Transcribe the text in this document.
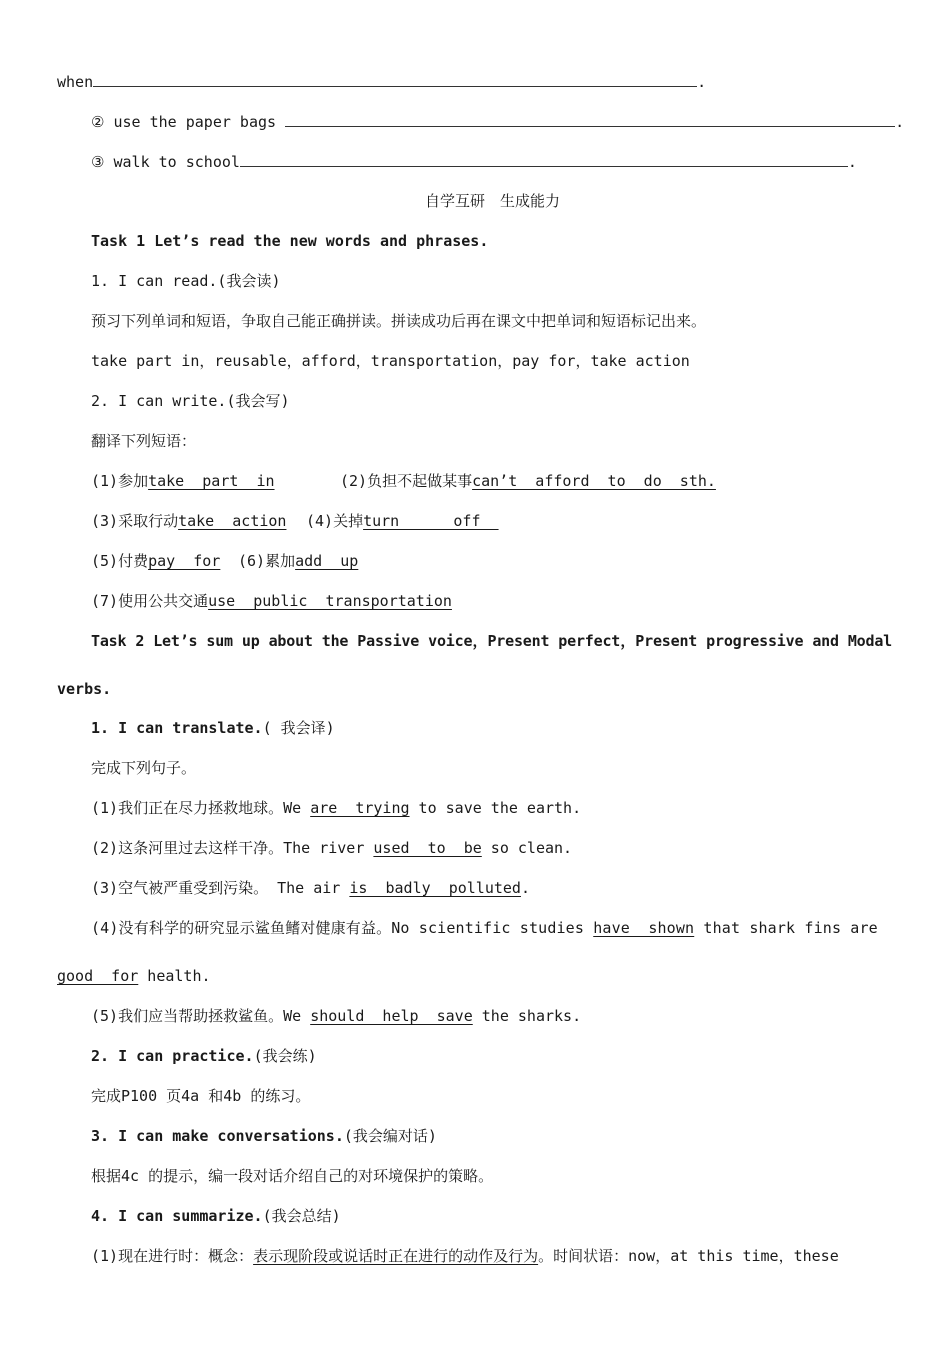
when	.
② use the paper bags	.
③ walk to school	.
自学互研　生成能力
Task 1 Let’s read the new words and phrases.
1. I can read.(我会读)
预习下列单词和短语，争取自己能正确拼读。拼读成功后再在课文中把单词和短语标记出来。
take part in，reusable，afford，transportation，pay for，take action
2. I can write.(我会写)
翻译下列短语：
(1)参加take  part  in	(2)负担不起做某事can’t  afford  to  do  sth.
(3)采取行动take  action (4)关掉turn      off
(5)付费pay  for (6)累加add  up
(7)使用公共交通use  public  transportation
Task 2 Let’s sum up about the Passive voice，Present perfect，Present progressive and Modal
verbs.
1. I can translate.( 我会译)
完成下列句子。
(1)我们正在尽力拯救地球。We are  trying to save the earth.
(2)这条河里过去这样干净。The river used  to  be so clean.
(3)空气被严重受到污染。 The air is  badly  polluted.
(4)没有科学的研究显示鲨鱼鳍对健康有益。No scientific studies have  shown that shark fins are
good  for health.
(5)我们应当帮助拯救鲨鱼。We should  help  save the sharks.
2. I can practice.(我会练)
完成P100 页4a 和4b 的练习。
3. I can make conversations.(我会编对话)
根据4c 的提示，编一段对话介绍自己的对环境保护的策略。
4. I can summarize.(我会总结)
(1)现在进行时：概念：表示现阶段或说话时正在进行的动作及行为。时间状语：now，at this time，these
